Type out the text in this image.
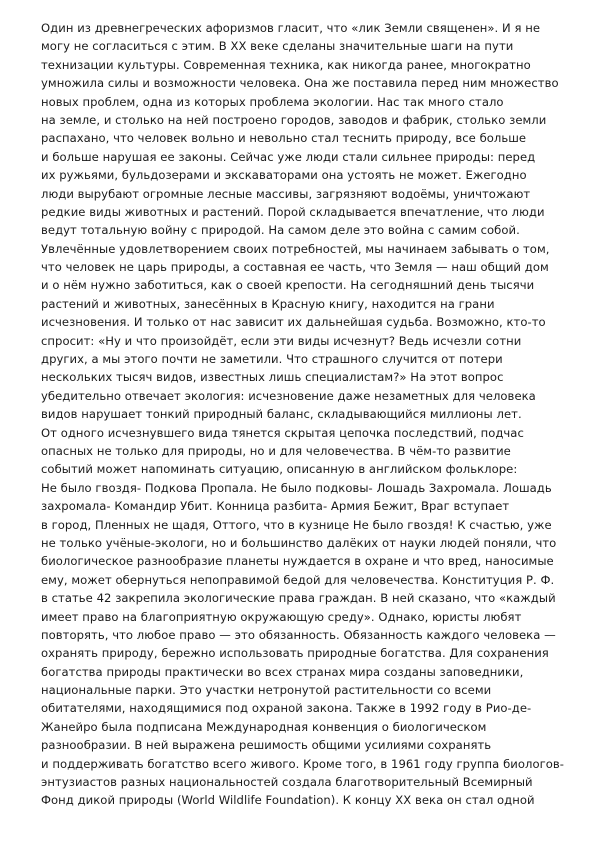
Один из древнегреческих афоризмов гласит, что «лик Земли священен». И я не
могу не согласиться с этим. В XX веке сделаны значительные шаги на пути
технизации культуры. Современная техника, как никогда ранее, многократно
умножила силы и возможности человека. Она же поставила перед ним множество
новых проблем, одна из которых проблема экологии. Нас так много стало
на земле, и столько на ней построено городов, заводов и фабрик, столько земли
распахано, что человек вольно и невольно стал теснить природу, все больше
и больше нарушая ее законы. Сейчас уже люди стали сильнее природы: перед
их ружьями, бульдозерами и экскаваторами она устоять не может. Ежегодно
люди вырубают огромные лесные массивы, загрязняют водоёмы, уничтожают
редкие виды животных и растений. Порой складывается впечатление, что люди
ведут тотальную войну с природой. На самом деле это война с самим собой.
Увлечённые удовлетворением своих потребностей, мы начинаем забывать о том,
что человек не царь природы, а составная ее часть, что Земля — наш общий дом
и о нём нужно заботиться, как о своей крепости. На сегодняшний день тысячи
растений и животных, занесённых в Красную книгу, находится на грани
исчезновения. И только от нас зависит их дальнейшая судьба. Возможно, кто-то
спросит: «Ну и что произойдёт, если эти виды исчезнут? Ведь исчезли сотни
других, а мы этого почти не заметили. Что страшного случится от потери
нескольких тысяч видов, известных лишь специалистам?» На этот вопрос
убедительно отвечает экология: исчезновение даже незаметных для человека
видов нарушает тонкий природный баланс, складывающийся миллионы лет.
От одного исчезнувшего вида тянется скрытая цепочка последствий, подчас
опасных не только для природы, но и для человечества. В чём-то развитие
событий может напоминать ситуацию, описанную в английском фольклоре:
Не было гвоздя- Подкова Пропала. Не было подковы- Лошадь Захромала. Лошадь
захромала- Командир Убит. Конница разбита- Армия Бежит, Враг вступает
в город, Пленных не щадя, Оттого, что в кузнице Не было гвоздя! К счастью, уже
не только учёные-экологи, но и большинство далёких от науки людей поняли, что
биологическое разнообразие планеты нуждается в охране и что вред, наносимые
ему, может обернуться непоправимой бедой для человечества. Конституция Р. Ф.
в статье 42 закрепила экологические права граждан. В ней сказано, что «каждый
имеет право на благоприятную окружающую среду». Однако, юристы любят
повторять, что любое право — это обязанность. Обязанность каждого человека —
охранять природу, бережно использовать природные богатства. Для сохранения
богатства природы практически во всех странах мира созданы заповедники,
национальные парки. Это участки нетронутой растительности со всеми
обитателями, находящимися под охраной закона. Также в 1992 году в Рио-де-
Жанейро была подписана Международная конвенция о биологическом
разнообразии. В ней выражена решимость общими усилиями сохранять
и поддерживать богатство всего живого. Кроме того, в 1961 году группа биологов-
энтузиастов разных национальностей создала благотворительный Всемирный
Фонд дикой природы (World Wildlife Foundation). К концу XX века он стал одной
